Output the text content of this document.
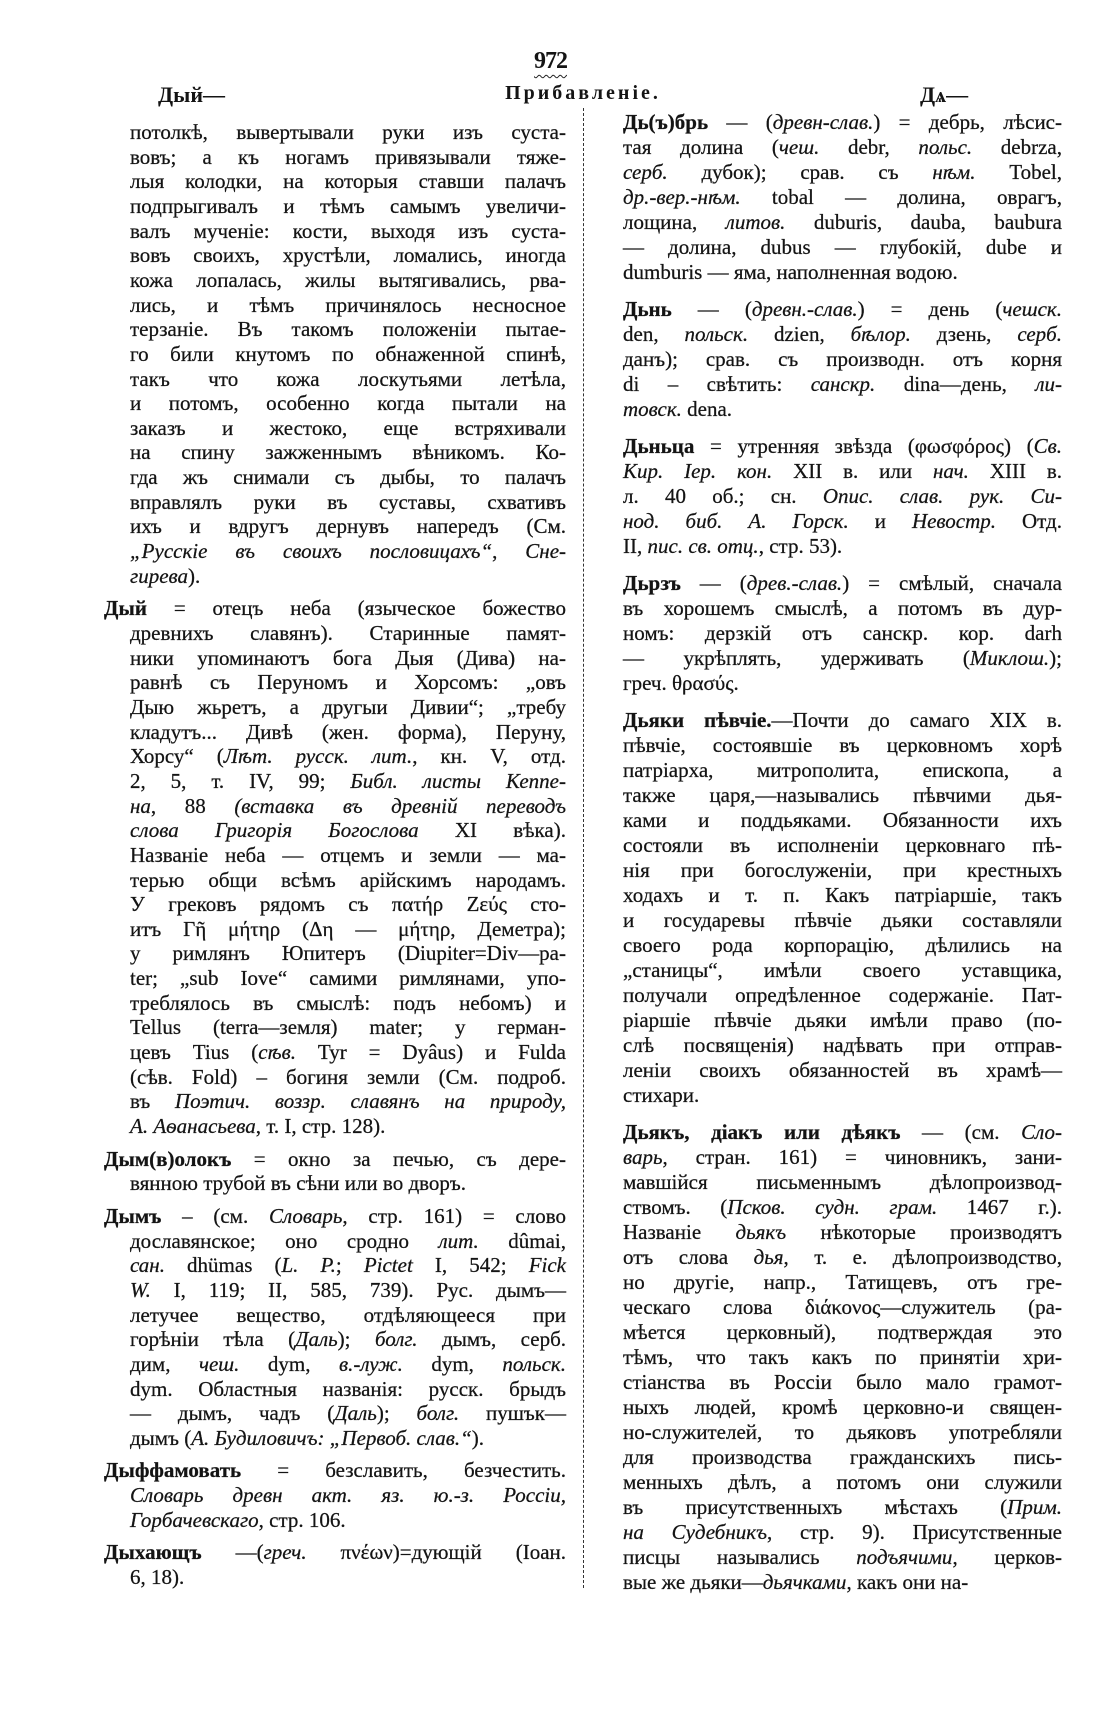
972
Дый—	Прибавленіе.	Дѧ—
потолкѣ, вывертывали руки изъ суста-
вовъ; а къ ногамъ привязывали тяже-
лыя колодки, на которыя ставши палачъ
подпрыгивалъ и тѣмъ самымъ увеличи-
валъ мученіе: кости, выходя изъ суста-
вовъ своихъ, хрустѣли, ломались, иногда
кожа лопалась, жилы вытягивались, рва-
лись, и тѣмъ причинялось несносное
терзаніе. Въ такомъ положеніи пытае-
го били кнутомъ по обнаженной спинѣ,
такъ что кожа лоскутьями летѣла,
и потомъ, особенно когда пытали на
заказъ и жестоко, еще встряхивали
на спину зажженнымъ вѣникомъ. Ко-
гда жъ снимали съ дыбы, то палачъ
вправлялъ руки въ суставы, схвативъ
ихъ и вдругъ дернувъ напередъ (См.
„Русскіе въ своихъ пословицахъ“, Сне-
гирева).
Дый = отецъ неба (языческое божество
древнихъ славянъ). Старинные памят-
ники упоминаютъ бога Дыя (Дива) на-
равнѣ съ Перуномъ и Хорсомъ: „овъ
Дыю жьретъ, а другыи Дивии“; „требу
кладутъ... Дивѣ (жен. форма), Перуну,
Хорсу“ (Лѣт. русск. лит., кн. V, отд.
2, 5, т. IV, 99; Библ. листы Кеппе-
на, 88 (вставка въ древній переводъ
слова Григорія Богослова XI вѣка).
Названіе неба — отцемъ и земли — ма-
терью общи всѣмъ арійскимъ народамъ.
У грековъ рядомъ съ πατήρ Ζεύς сто-
итъ Γῆ μήτηρ (Δη — μήτηρ, Деметра);
у римлянъ Юпитеръ (Diupiter=Div—pa-
ter; „sub Iove“ самими римлянами, упо-
треблялось въ смыслѣ: подъ небомъ) и
Tellus (terra—земля) mater; у герман-
цевъ Tius (сѣв. Tyr = Dyâus) и Fulda
(сѣв. Fold) – богиня земли (См. подроб.
въ Поэтич. воззр. славянъ на природу,
А. Аѳанасьева, т. I, стр. 128).
Дым(в)олокъ = окно за печью, съ дере-
вянною трубой въ сѣни или во дворъ.
Дымъ – (см. Словарь, стр. 161) = слово
дославянское; оно сродно лит. dûmai,
сан. dhümas (L. P.; Pictet I, 542; Fick
W. I, 119; II, 585, 739). Рус. дымъ—
летучее вещество, отдѣляющееся при
горѣніи тѣла (Даль); болг. дымъ, серб.
дим, чеш. dym, в.-луж. dym, польск.
dym. Областныя названія: русск. брыдъ
— дымъ, чадъ (Даль); болг. пушък—
дымъ (А. Будиловичъ: „Первоб. слав.“).
Дыффамовать = безславить, безчестить.
Словарь древн акт. яз. ю.-з. Россіи,
Горбачевскаго, стр. 106.
Дыхающъ —(греч. πνέων)=дующій (Іоан.
6, 18).
Дь(ъ)брь — (древн-слав.) = дебрь, лѣсис-
тая долина (чеш. debr, польс. debrza,
серб. дубок); срав. съ нѣм. Tobel,
др.-вер.-нѣм. tobal — долина, оврагъ,
лощина, литов. duburis, dauba, baubura
— долина, dubus — глубокій, dube и
dumburis — яма, наполненная водою.
Дьнь — (древн.-слав.) = день (чешск.
den, польск. dzien, бѣлор. дзень, серб.
данъ); срав. съ производн. отъ корня
di – свѣтить: санскр. dina—день, ли-
товск. dena.
Дьньца = утренняя звѣзда (φωσφόρος) (Св.
Кир. Іер. кон. XII в. или нач. XIII в.
л. 40 об.; сн. Опис. слав. рук. Си-
нод. биб. А. Горск. и Невостр. Отд.
II, пис. св. отц., стр. 53).
Дьрзъ — (древ.-слав.) = смѣлый, сначала
въ хорошемъ смыслѣ, а потомъ въ дур-
номъ: дерзкій отъ санскр. кор. darh
— укрѣплять, удерживать (Миклош.);
греч. θρασύς.
Дьяки пѣвчіе.—Почти до самаго XIX в.
пѣвчіе, состоявшіе въ церковномъ хорѣ
патріарха, митрополита, епископа, а
также царя,—назывались пѣвчими дья-
ками и поддьяками. Обязанности ихъ
состояли въ исполненіи церковнаго пѣ-
нія при богослуженіи, при крестныхъ
ходахъ и т. п. Какъ патріаршіе, такъ
и государевы пѣвчіе дьяки составляли
своего рода корпорацію, дѣлились на
„станицы“, имѣли своего уставщика,
получали опредѣленное содержаніе. Пат-
ріаршіе пѣвчіе дьяки имѣли право (по-
слѣ посвященія) надѣвать при отправ-
леніи своихъ обязанностей въ храмѣ—
стихари.
Дьякъ, діакъ или дѣякъ — (см. Сло-
варь, стран. 161) = чиновникъ, зани-
мавшійся письменнымъ дѣлопроизвод-
ствомъ. (Псков. судн. грам. 1467 г.).
Названіе дьякъ нѣкоторые производятъ
отъ слова дья, т. е. дѣлопроизводство,
но другіе, напр., Татищевъ, отъ гре-
ческаго слова διάκονος—служитель (ра-
мѣется церковный), подтверждая это
тѣмъ, что такъ какъ по принятіи хри-
стіанства въ Россіи было мало грамот-
ныхъ людей, кромѣ церковно-и священ-
но-служителей, то дьяковъ употребляли
для производства гражданскихъ пись-
менныхъ дѣлъ, а потомъ они служили
въ присутственныхъ мѣстахъ (Прим.
на Судебникъ, стр. 9). Присутственные
писцы назывались подъячими, церков-
вые же дьяки—дьячками, какъ они на-
